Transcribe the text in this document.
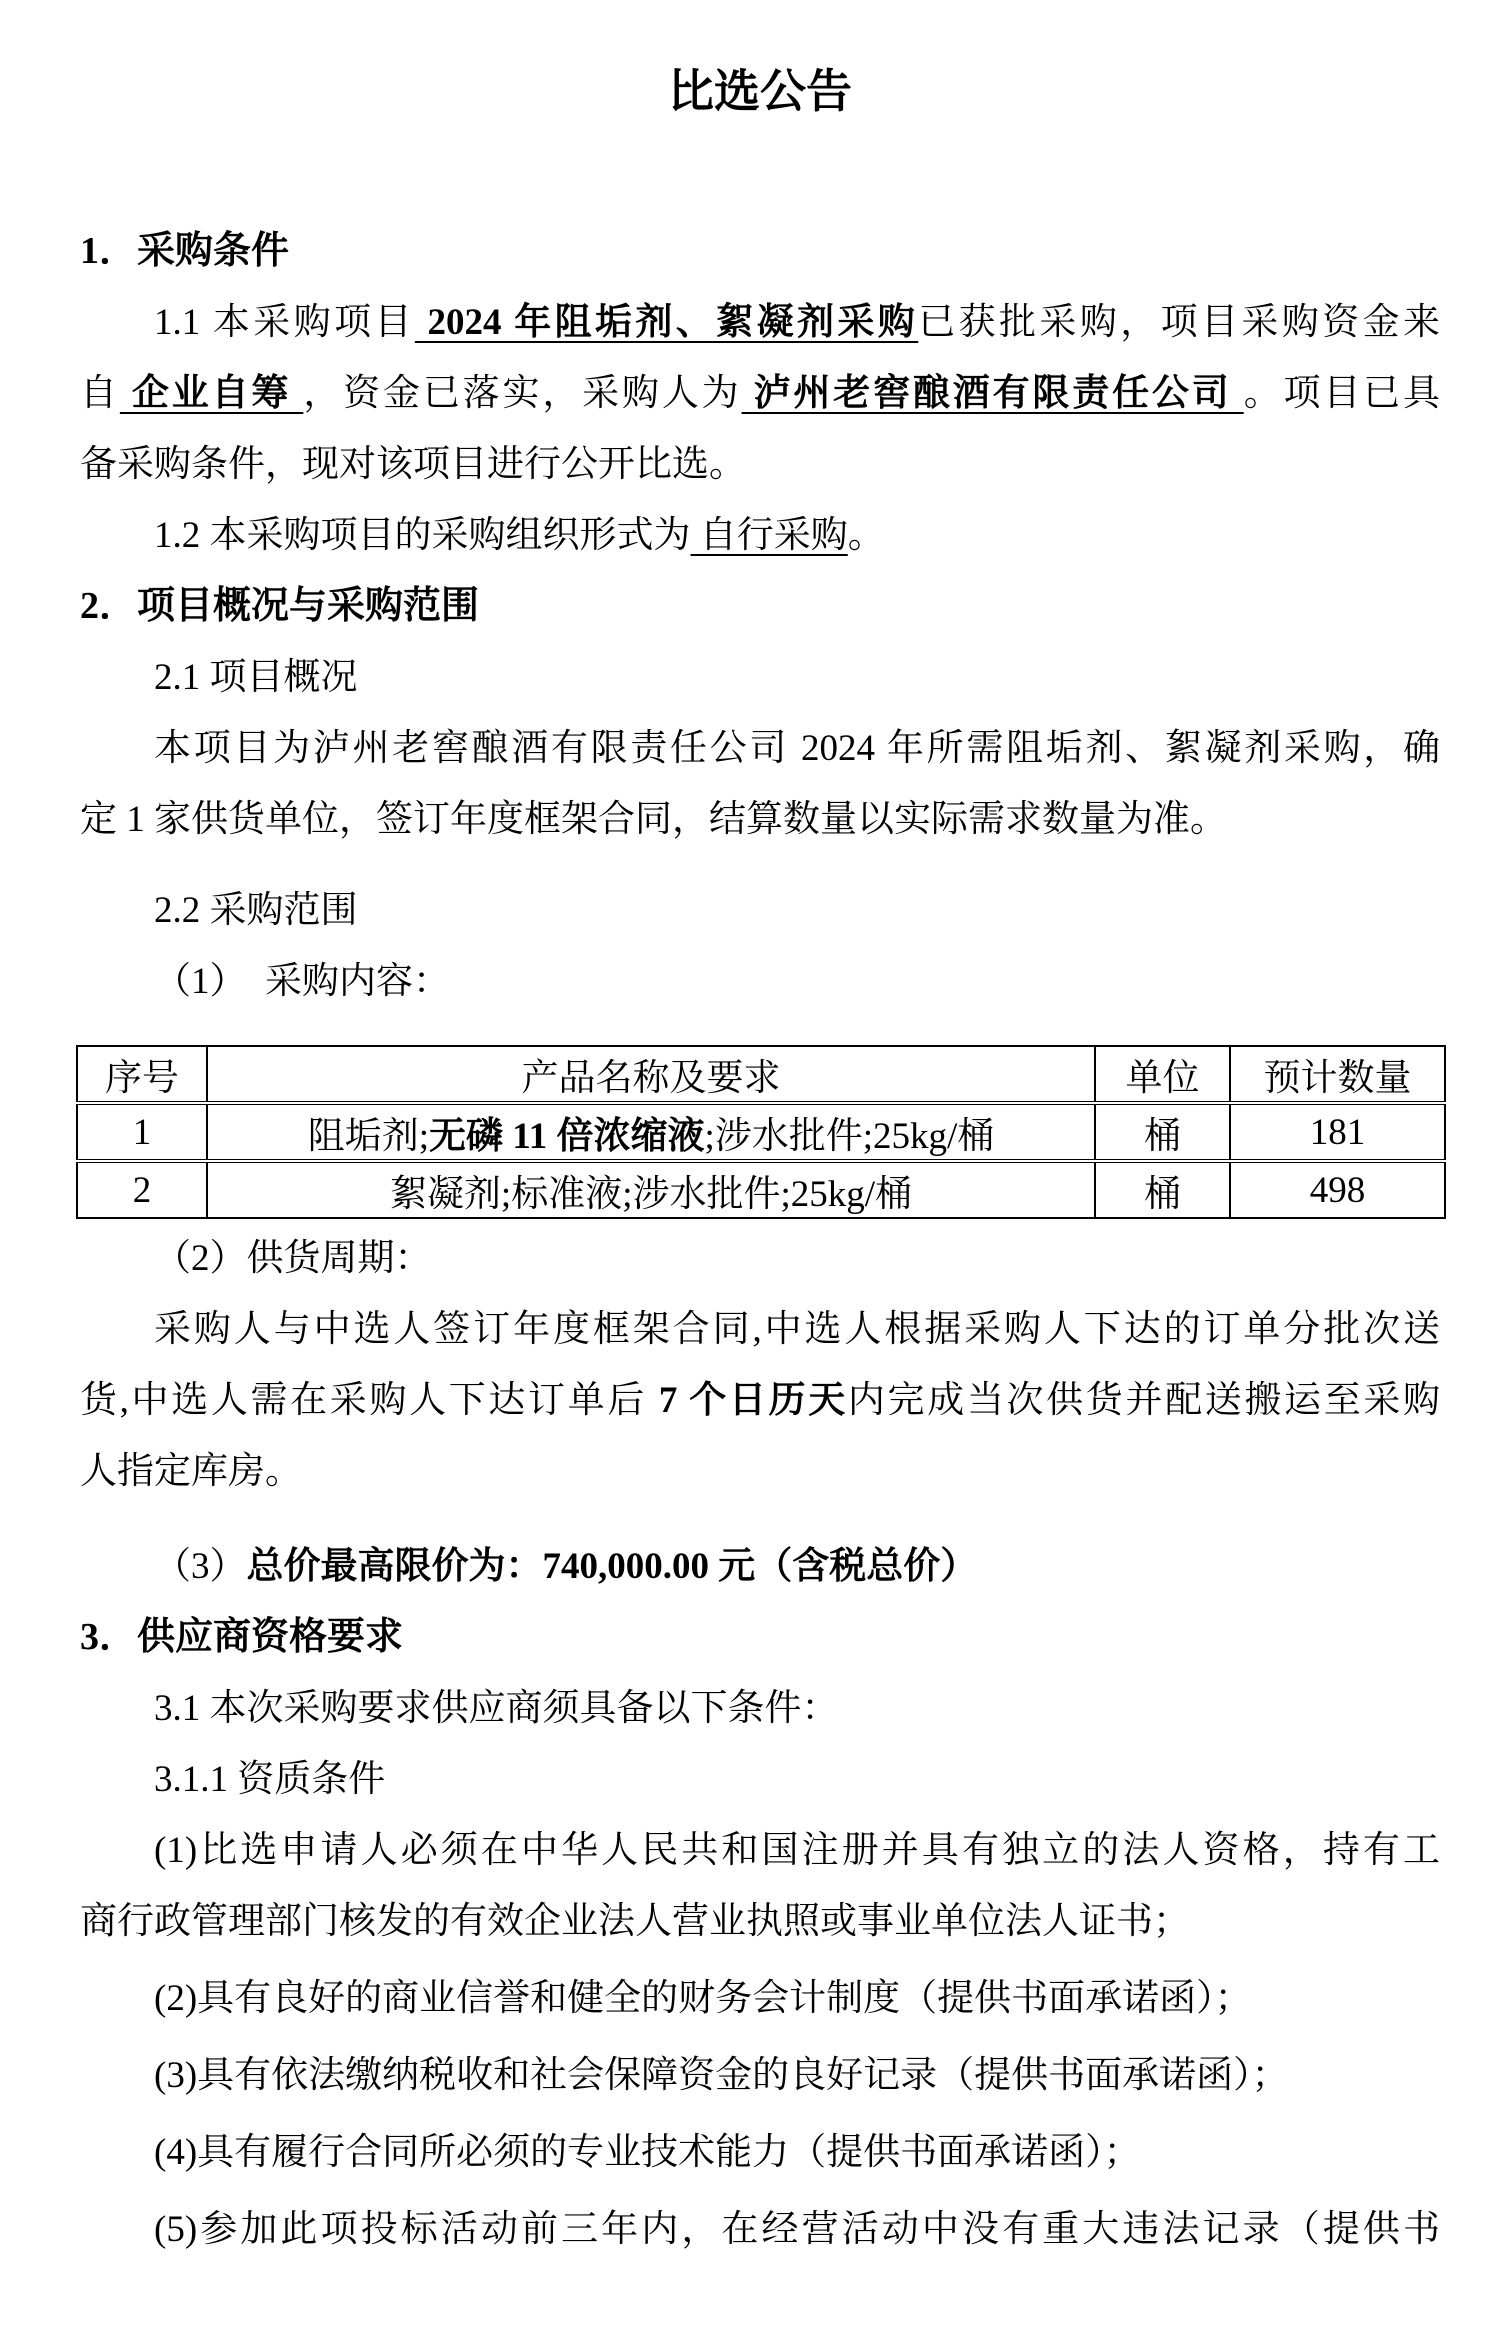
比选公告
1．采购条件
1.1 本采购项目 2024 年阻垢剂、絮凝剂采购已获批采购，项目采购资金来
自 企业自筹 ，资金已落实，采购人为 泸州老窖酿酒有限责任公司 。项目已具
备采购条件，现对该项目进行公开比选。
1.2 本采购项目的采购组织形式为 自行采购。
2．项目概况与采购范围
2.1 项目概况
本项目为泸州老窖酿酒有限责任公司 2024 年所需阻垢剂、絮凝剂采购，确
定 1 家供货单位，签订年度框架合同，结算数量以实际需求数量为准。
2.2 采购范围
（1）　采购内容：
序号	产品名称及要求	单位	预计数量
1	阻垢剂;无磷 11 倍浓缩液;涉水批件;25kg/桶	桶	181
2	絮凝剂;标准液;涉水批件;25kg/桶	桶	498
（2）供货周期：
采购人与中选人签订年度框架合同,中选人根据采购人下达的订单分批次送
货,中选人需在采购人下达订单后 7 个日历天内完成当次供货并配送搬运至采购
人指定库房。
（3）总价最高限价为：740,000.00 元（含税总价）
3．供应商资格要求
3.1 本次采购要求供应商须具备以下条件：
3.1.1 资质条件
(1)比选申请人必须在中华人民共和国注册并具有独立的法人资格，持有工
商行政管理部门核发的有效企业法人营业执照或事业单位法人证书；
(2)具有良好的商业信誉和健全的财务会计制度（提供书面承诺函）；
(3)具有依法缴纳税收和社会保障资金的良好记录（提供书面承诺函）；
(4)具有履行合同所必须的专业技术能力（提供书面承诺函）；
(5)参加此项投标活动前三年内，在经营活动中没有重大违法记录（提供书
